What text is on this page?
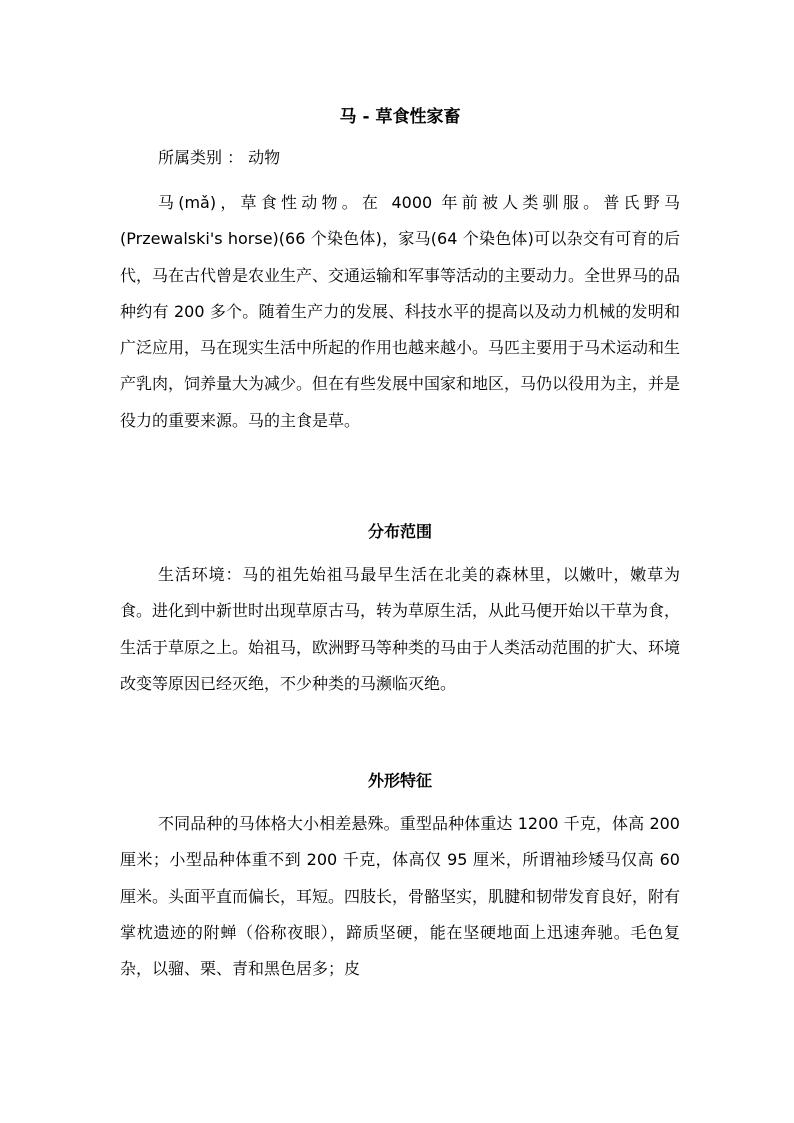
马 - 草食性家畜
所属类别 ： 动物

马(mǎ)，草食性动物。在 4000 年前被人类驯服。普氏野马 (Przewalski's horse)(66 个染色体)，家马(64 个染色体)可以杂交有可育的后代，马在古代曾是农业生产、交通运输和军事等活动的主要动力。全世界马的品种约有 200 多个。随着生产力的发展、科技水平的提高以及动力机械的发明和广泛应用，马在现实生活中所起的作用也越来越小。马匹主要用于马术运动和生产乳肉，饲养量大为减少。但在有些发展中国家和地区，马仍以役用为主，并是役力的重要来源。马的主食是草。

分布范围

生活环境：马的祖先始祖马最早生活在北美的森林里，以嫩叶，嫩草为食。进化到中新世时出现草原古马，转为草原生活，从此马便开始以干草为食，生活于草原之上。始祖马，欧洲野马等种类的马由于人类活动范围的扩大、环境改变等原因已经灭绝，不少种类的马濒临灭绝。

外形特征

不同品种的马体格大小相差悬殊。重型品种体重达 1200 千克，体高 200 厘米；小型品种体重不到 200 千克，体高仅 95 厘米，所谓袖珍矮马仅高 60 厘米。头面平直而偏长，耳短。四肢长，骨骼坚实，肌腱和韧带发育良好，附有掌枕遗迹的附蝉（俗称夜眼），蹄质坚硬，能在坚硬地面上迅速奔驰。毛色复杂，以骝、栗、青和黑色居多；皮
